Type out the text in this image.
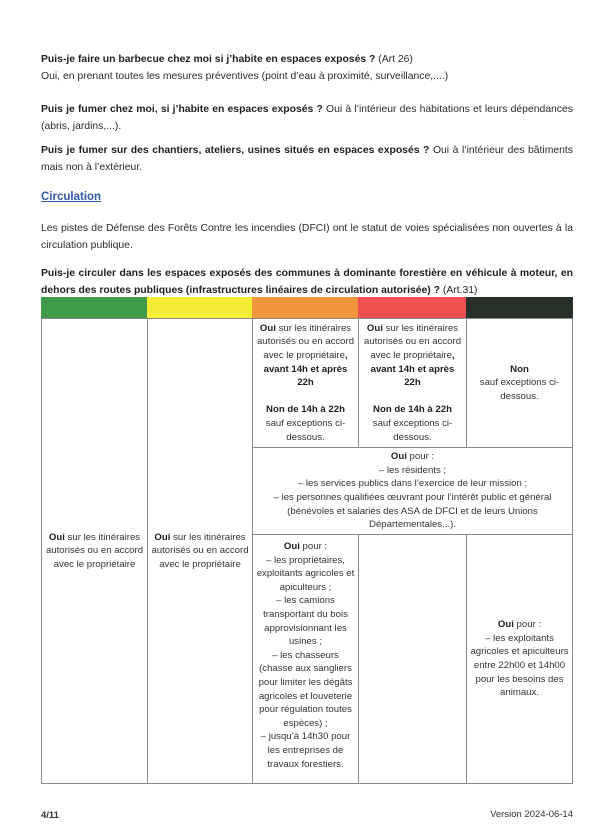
Puis-je faire un barbecue chez moi si j’habite en espaces exposés ? (Art 26)
Oui, en prenant toutes les mesures préventives (point d’eau à proximité, surveillance,....)
Puis je fumer chez moi, si j’habite en espaces exposés ? Oui à l’intérieur des habitations et leurs dépendances (abris, jardins,...).
Puis je fumer sur des chantiers, ateliers, usines situés en espaces exposés ? Oui à l’intérieur des bâtiments mais non à l’extérieur.
Circulation
Les pistes de Défense des Forêts Contre les incendies (DFCI) ont le statut de voies spécialisées non ouvertes à la circulation publique.
Puis-je circuler dans les espaces exposés des communes à dominante forestière en véhicule à moteur, en dehors des routes publiques (infrastructures linéaires de circulation autorisée) ? (Art.31)
Oui sur les itinéraires autorisés ou en accord avec le propriétaire
Oui sur les itinéraires autorisés ou en accord avec le propriétaire
Oui sur les itinéraires autorisés ou en accord avec le propriétaire, avant 14h et après 22h
Non de 14h à 22h
sauf exceptions ci-dessous.
Oui sur les itinéraires autorisés ou en accord avec le propriétaire, avant 14h et après 22h
Non de 14h à 22h
sauf exceptions ci-dessous.
Non
sauf exceptions ci-dessous.
Oui pour :
– les résidents ;
– les services publics dans l’exercice de leur mission ;
– les personnes qualifiées œuvrant pour l’intérêt public et général (bénévoles et salariés des ASA de DFCI et de leurs Unions Départementales...).
Oui pour :
– les propriétaires, exploitants agricoles et apiculteurs ;
– les camions transportant du bois approvisionnant les usines ;
– les chasseurs (chasse aux sangliers pour limiter les dégâts agricoles et louveterie pour régulation toutes espèces) ;
– jusqu’à 14h30 pour les entreprises de travaux forestiers.
Oui pour :
– les exploitants agricoles et apiculteurs entre 22h00 et 14h00 pour les besoins des animaux.
4/11	Version 2024-06-14
